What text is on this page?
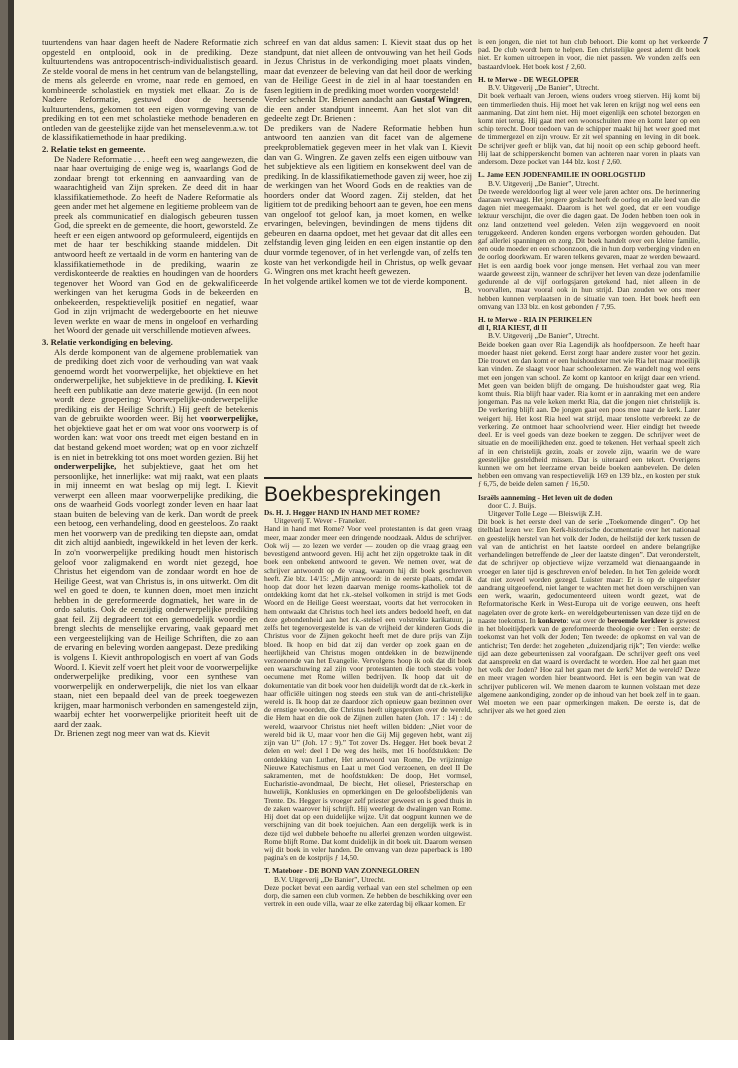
7

tuurtendens van haar dagen heeft de Nadere Reformatie zich opgesteld en ontplooid, ook in de prediking. Deze kultuurtendens was antropocentrisch-individualistisch geaard. Ze stelde vooral de mens in het centrum van de belangstelling, de mens als geleerde en vrome, naar rede en gemoed, en kombineerde scholastiek en mystiek met elkaar. Zo is de Nadere Reformatie, gestuwd door de heersende kultuurtendens, gekomen tot een eigen vormgeving van de prediking en tot een met scholastieke methode benaderen en ontleden van de geestelijke zijde van het menselevenm.a.w. tot de klassifikatiemethode in haar prediking.

2. Relatie tekst en gemeente.

De Nadere Reformatie . . . . heeft een weg aangewezen, die naar haar overtuiging de enige weg is, waarlangs God de zondaar brengt tot erkenning en aanvaarding van de waarachtigheid van Zijn spreken. Ze deed dit in haar klassifikatiemethode. Zo heeft de Nadere Reformatie als geen ander met het algemene en legitieme probleem van de preek als communicatief en dialogisch gebeuren tussen God, die spreekt en de gemeente, die hoort, geworsteld. Ze heeft er een eigen antwoord op geformuleerd, eigentijds en met de haar ter beschikking staande middelen. Dit antwoord heeft ze vertaald in de vorm en hantering van de klassifikatiemethode in de prediking, waarin ze verdiskonteerde de reakties en houdingen van de hoorders tegenover het Woord van God en de gekwalificeerde werkingen van het kerugma Gods in de bekeerden en onbekeerden, respektievelijk positief en negatief, waar God in zijn vrijmacht de wedergeboorte en het nieuwe leven werkte en waar de mens in ongeloof en verharding het Woord der genade uit verschillende motieven afwees.

3. Relatie verkondiging en beleving.

Als derde komponent van de algemene problematiek van de prediking doet zich voor de verhouding van wat vaak genoemd wordt het voorwerpelijke, het objektieve en het onderwerpelijke, het subjektieve in de prediking. I. Kievit heeft een publikatie aan deze materie gewijd. (In een noot wordt deze groepering: Voorwerpelijke-onderwerpelijke prediking eis der Heilige Schrift.) Hij geeft de betekenis van de gebruikte woorden weer. Bij het voorwerpelijke, het objektieve gaat het er om wat voor ons voorwerp is of worden kan: wat voor ons treedt met eigen bestand en in dat bestand gekend moet worden; wat op en voor zichzelf is en niet in betrekking tot ons moet worden gezien. Bij het onderwerpelijke, het subjektieve, gaat het om het persoonlijke, het innerlijke: wat mij raakt, wat een plaats in mij inneemt en wat beslag op mij legt. I. Kievit verwerpt een alleen maar voorwerpelijke prediking, die ons de waarheid Gods voorlegt zonder leven en haar laat staan buiten de beleving van de kerk. Dan wordt de preek een betoog, een verhandeling, dood en geesteloos. Zo raakt men het voorwerp van de prediking ten diepste aan, omdat dit zich altijd aanbiedt, ingewikkeld in het leven der kerk. In zo'n voorwerpelijke prediking houdt men historisch geloof voor zaligmakend en wordt niet gezegd, hoe Christus het eigendom van de zondaar wordt en hoe de Heilige Geest, wat van Christus is, in ons uitwerkt. Om dit wel en goed te doen, te kunnen doen, moet men inzicht hebben in de gereformeerde dogmatiek, het ware in de ordo salutis. Ook de eenzijdig onderwerpelijke prediking gaat feil. Zij degradeert tot een gemoedelijk woordje en brengt slechts de menselijke ervaring, vaak gepaard met een vergeestelijking van de Heilige Schriften, die zo aan de ervaring en beleving worden aangepast. Deze prediking is volgens I. Kievit anthropologisch en voert af van Gods Woord. I. Kievit zelf voert het pleit voor de voorwerpelijke onderwerpelijke prediking, voor een synthese van voorwerpelijk en onderwerpelijk, die niet los van elkaar staan, niet een bepaald deel van de preek toegewezen krijgen, maar harmonisch verbonden en samengesteld zijn, waarbij echter het voorwerpelijke prioriteit heeft uit de aard der zaak.

Dr. Brienen zegt nog meer van wat ds. Kievit

schreef en van dat aldus samen: I. Kievit staat dus op het standpunt, dat niet alleen de ontvouwing van het heil Gods in Jezus Christus in de verkondiging moet plaats vinden, maar dat evenzeer de beleving van dat heil door de werking van de Heilige Geest in de ziel in al haar toestanden en fasen legitiem in de prediking moet worden voorgesteld!

Verder schenkt Dr. Brienen aandacht aan Gustaf Wingren, die een ander standpunt inneemt. Aan het slot van dit gedeelte zegt Dr. Brienen :

De predikers van de Nadere Reformatie hebben hun antwoord ten aanzien van dit facet van de algemene preekproblematiek gegeven meer in het vlak van I. Kievit dan van G. Wingren. Ze gaven zelfs een eigen uitbouw van het subjektieve als een ligitiem en konsekwent deel van de prediking. In de klassifikatiemethode gaven zij weer, hoe zij de werkingen van het Woord Gods en de reakties van de hoorders onder dat Woord zagen. Zij stelden, dat het ligitiem tot de prediking behoort aan te geven, hoe een mens van ongeloof tot geloof kan, ja moet komen, en welke ervaringen, belevingen, bevindingen de mens tijdens dit gebeuren en daarna opdoet, met het gevaar dat dit alles een zelfstandig leven ging leiden en een eigen instantie op den duur vormde tegenover, of in het verlengde van, of zelfs ten koste van het verkondigde heil in Christus, op welk gevaar G. Wingren ons met kracht heeft gewezen.

In het volgende artikel komen we tot de vierde komponent.

B.

Boekbesprekingen

Ds. H. J. Hegger HAND IN HAND MET ROME?

Uitgeverij T. Wever - Franeker.

Hand in hand met Rome? Voor veel protestanten is dat geen vraag meer, maar zonder meer een dringende noodzaak. Aldus de schrijver. Ook wij — zo lezen we verder — zouden op die vraag graag een bevestigend antwoord geven. Hij acht het zijn opgetrokte taak in dit boek een onbekend antwoord te geven. We nemen over, wat de schrijver antwoordt op de vraag, waarom hij dit boek geschreven heeft. Zie blz. 14/15: „Mijn antwoord: in de eerste plaats, omdat ik hoop dat door het lezen daarvan menige rooms-katholiek tot de ontdekking komt dat het r.k.-stelsel volkomen in strijd is met Gods Woord en de Heilige Geest weerstaat, voorts dat het verrocoken in hem ontwaakt dat Christus toch heel iets anders bedoeld heeft, en dat deze gebondenheid aan het r.k.-stelsel een volstrekte karikatuur, ja zelfs het tegenovergestelde is van de vrijheid der kinderen Gods die Christus voor de Zijnen gekocht heeft met de dure prijs van Zijn bloed. Ik hoop en bid dat zij dan verder op zoek gaan en de heerlijkheid van Christus mogen ontdekken in de bezwijnende verzoenende van het Evangelie. Vervolgens hoop ik ook dat dit boek een waarschuwing zal zijn voor protestanten die toch steeds volop oecumene met Rome willen bedrijven. Ik hoop dat uit de dokumentatie van dit boek voor hen duidelijk wordt dat de r.k.-kerk in haar officiële uitingen nog steeds een stuk van de anti-christelijke wereld is. Ik hoop dat ze daardoor zich opnieuw gaan bezinnen over de ernstige woorden, die Christus heeft uitgesproken over de wereld, die Hem haat en die ook de Zijnen zullen haten (Joh. 17 : 14) : de wereld, waarvoor Christus niet heeft willen bidden: „Niet voor de wereld bid ik U, maar voor hen die Gij Mij gegeven hebt, want zij zijn van U” (Joh. 17 : 9).” Tot zover Ds. Hegger. Het boek bevat 2 delen en wel: deel I De weg des heils, met 16 hoofdstukken: De ontdekking van Luther, Het antwoord van Rome, De vrijzinnige Nieuwe Katechismus en Laat u met God verzoenen, en deel II De sakramenten, met de hoofdstukken: De doop, Het vormsel, Eucharistie-avondmaal, De biecht, Het oliesel, Priesterschap en huwelijk, Konklusies en opmerkingen en De geloofsbelijdenis van Trente. Ds. Hegger is vroeger zelf priester geweest en is goed thuis in de zaken waarover hij schrijft. Hij weerlegt de dwalingen van Rome. Hij doet dat op een duidelijke wijze. Uit dat oogpunt kunnen we de verschijning van dit boek toejuichen. Aan een dergelijk werk is in deze tijd wel dubbele behoefte nu allerlei grenzen worden uitgewist. Rome blijft Rome. Dat komt duidelijk in dit boek uit. Daarom wensen wij dit boek in veler handen. De omvang van deze paperback is 180 pagina's en de kostprijs ƒ 14,50.

T. Mateboer - DE BOND VAN ZONNEGLOREN

B.V. Uitgeverij „De Banier”, Utrecht.

Deze pocket bevat een aardig verhaal van een stel schelmen op een dorp, die samen een club vormen. Ze hebben de beschikking over een vertrek in een oude villa, waar ze elke zaterdag bij elkaar komen. Er

is een jongen, die niet tot hun club behoort. Die komt op het verkeerde pad. De club wordt hem te helpen. Een christelijke geest ademt dit boek niet. Er komen uitroepen in voor, die niet passen. We vonden zelfs een bastaardvloek. Het boek kost ƒ 2,60.

H. te Merwe - DE WEGLOPER

B.V. Uitgeverij „De Banier”, Utrecht.

Dit boek verhaalt van Jeroen, wiens ouders vroeg stierven. Hij komt bij een timmerlieden thuis. Hij moet het vak leren en krijgt nog wel eens een aanmaning. Dat zint hem niet. Hij moet eigenlijk een schotel bezorgen en komt niet terug. Hij gaat met een woonschuiten mee en komt later op een schip terecht. Door toedoen van de schipper maakt hij het weer goed met de timmergezel en zijn vrouw. Er zit wel spanning en leving in dit boek. De schrijver geeft er blijk van, dat hij nooit op een schip geboord heeft. Hij laat de schipperskencht bomen van achteren naar voren in plaats van andersom. Deze pocket van 144 blz. kost ƒ 2,60.

L. Jame EEN JODENFAMILIE IN OORLOGSTIJD

B.V. Uitgeverij „De Banier”, Utrecht.

De tweede wereldoorlog ligt al weer vele jaren achter ons. De herinnering daaraan vervaagt. Het jongere geslacht heeft de oorlog en alle leed van die dagen niet meegemaakt. Daarom is het wel goed, dat er een voudige lektuur verschijnt, die over die dagen gaat. De Joden hebben toen ook in onz land ontzettend veel geleden. Velen zijn weggevoerd en nooit teruggekeerd. Anderen konden ergens verborgen worden gehouden. Dat gaf allerlei spanningen en zorg. Dit boek handelt over een kleine familie, een oude moeder en een schoonzoon, die in hun dorp verberging vinden en de oorlog doorkwam. Er waren telkens gevaren, maar ze werden bewaard. Het is een aardig boek voor jonge mensen. Het verhaal zou van meer waarde geweest zijn, wanneer de schrijver het leven van deze jodenfamilie gedurende al de vijf oorlogsjaren getekend had, niet alleen in de voorvallen, maar vooral ook in hun strijd. Dan zouden we ons meer hebben kunnen verplaatsen in de situatie van toen. Het boek heeft een omvang van 133 blz. en kost gebonden ƒ 7,95.

H. te Merwe - RIA IN PERIKELEN
dl I, RIA KIEST, dl II

B.V. Uitgeverij „De Banier”, Utrecht.

Beide boeken gaan over Ria Lagendijk als hoofdpersoon. Ze heeft haar moeder haast niet gekend. Eerst zorgt haar andere zuster voor het gezin. Die trouwt en dan komt er een huishoudster met wie Ria het maar moeilijk kan vinden. Ze slaagt voor haar schoolexamen. Ze wandelt nog wel eens met een jongen van school. Ze komt op kantoor en krijgt daar een vriend. Met geen van beiden blijft de omgang. De huishoudster gaat weg. Ria komt thuis. Ria blijft haar vader. Ria komt er in aanraking met een andere jongeman. Pas na vele keken merkt Ria, dat die jongen niet christelijk is. De verkering blijft aan. De jongen gaat een poos mee naar de kerk. Later weigert hij. Het kost Ria heel wat strijd, maar tenslotte verbreekt ze de verkering. Ze ontmoet haar schoolvriend weer. Hier eindigt het tweede deel. Er is veel goeds van deze boeken te zeggen. De schrijver weet de situatie en de moeilijkheden enz. goed te tekenen. Het verhaal speelt zich af in een christelijk gezin, zoals er zovele zijn, waarin we de ware geestelijke gesteldheid missen. Dat is uiteraard een tekort. Overigens kunnen we om het leerzame ervan beide boeken aanbevelen. De delen hebben een omvang van respectievelijk 169 en 139 blz., en kosten per stuk ƒ 6,75, de beide delen samen ƒ 16,50.

Israëls aanneming - Het leven uit de doden

door C. J. Buijs.

Uitgever Tolle Lege — Bleiswijk Z.H.

Dit boek is het eerste deel van de serie „Toekomende dingen”. Op het titelblad lezen we: Een Kerk-historische documentatie over het nationaal en geestelijk herstel van het volk der Joden, de heilstijd der kerk tussen de val van de antichrist en het laatste oordeel en andere belangrijke verhandelingen betreffende de „leer der laatste dingen”. Dat veronderstelt, dat de schrijver op objectieve wijze verzameld wat dienaangaande in vroeger en later tijd is geschreven en/of beleden. In het Ten geleide wordt dat niet zoveel worden gezegd. Luister maar: Er is op de uitgeefster aandrang uitgeoefend, niet langer te wachten met het doen verschijnen van een werk, waarin, gedocumenteerd uiteen wordt gezet, wat de Reformatorische Kerk in West-Europa uit de vorige eeuwen, ons heeft nagelaten over de grote kerk- en wereldgebeurtenissen van deze tijd en de naaste toekomst. In konkreto: wat over de beroemde kerkleer is geweest in het bloeitijdperk van de gereformeerde theologie over : Ten eerste: de toekomst van het volk der Joden; Ten tweede: de opkomst en val van de antichrist; Ten derde: het zogeheten „duizendjarig rijk”; Ten vierde: welke tijd aan deze gebeurtenissen zal voorafgaan. De schrijver geeft ons veel dat aanspreekt en dat waard is overdacht te worden. Hoe zal het gaan met het volk der Joden? Hoe zal het gaan met de kerk? Met de wereld? Deze en meer vragen worden hier beantwoord. Het is een begin van wat de schrijver publiceren wil. We menen daarom te kunnen volstaan met deze algemene aankondiging, zonder op de inhoud van het boek zelf in te gaan. Wel moeten we een paar opmerkingen maken. De eerste is, dat de schrijver als we het goed zien
